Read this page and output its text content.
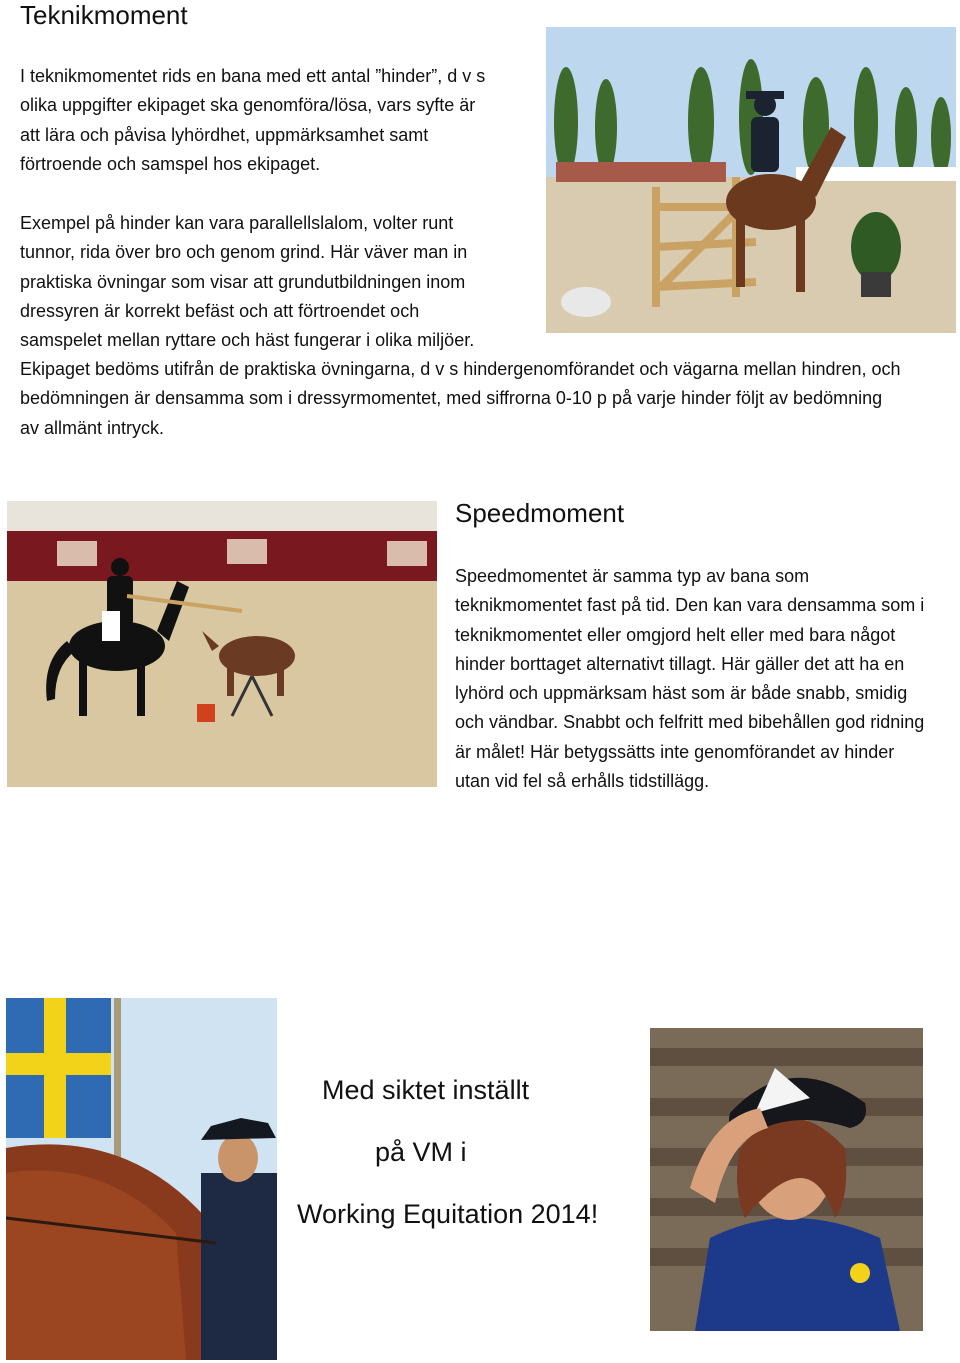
Teknikmoment

I teknikmomentet rids en bana med ett antal ”hinder”, d v s

olika uppgifter ekipaget ska genomföra/lösa, vars syfte är

att lära och påvisa lyhördhet, uppmärksamhet samt

förtroende och samspel hos ekipaget.

Exempel på hinder kan vara parallellslalom, volter runt

tunnor, rida över bro och genom grind. Här väver man in

praktiska övningar som visar att grundutbildningen inom

dressyren är korrekt befäst och att förtroendet och

samspelet mellan ryttare och häst fungerar i olika miljöer.

Ekipaget bedöms utifrån de praktiska övningarna, d v s hindergenomförandet och vägarna mellan hindren, och

bedömningen är densamma som i dressyrmomentet, med siffrorna 0-10 p på varje hinder följt av bedömning

av allmänt intryck.

Speedmoment

Speedmomentet är samma typ av bana som

teknikmomentet fast på tid. Den kan vara densamma som i

teknikmomentet eller omgjord helt eller med bara något

hinder borttaget alternativt tillagt. Här gäller det att ha en

lyhörd och uppmärksam häst som är både snabb, smidig

och vändbar. Snabbt och felfritt med bibehållen god ridning

är målet! Här betygssätts inte genomförandet av hinder

utan vid fel så erhålls tidstillägg.

Med siktet inställt
på VM i
Working Equitation 2014!
